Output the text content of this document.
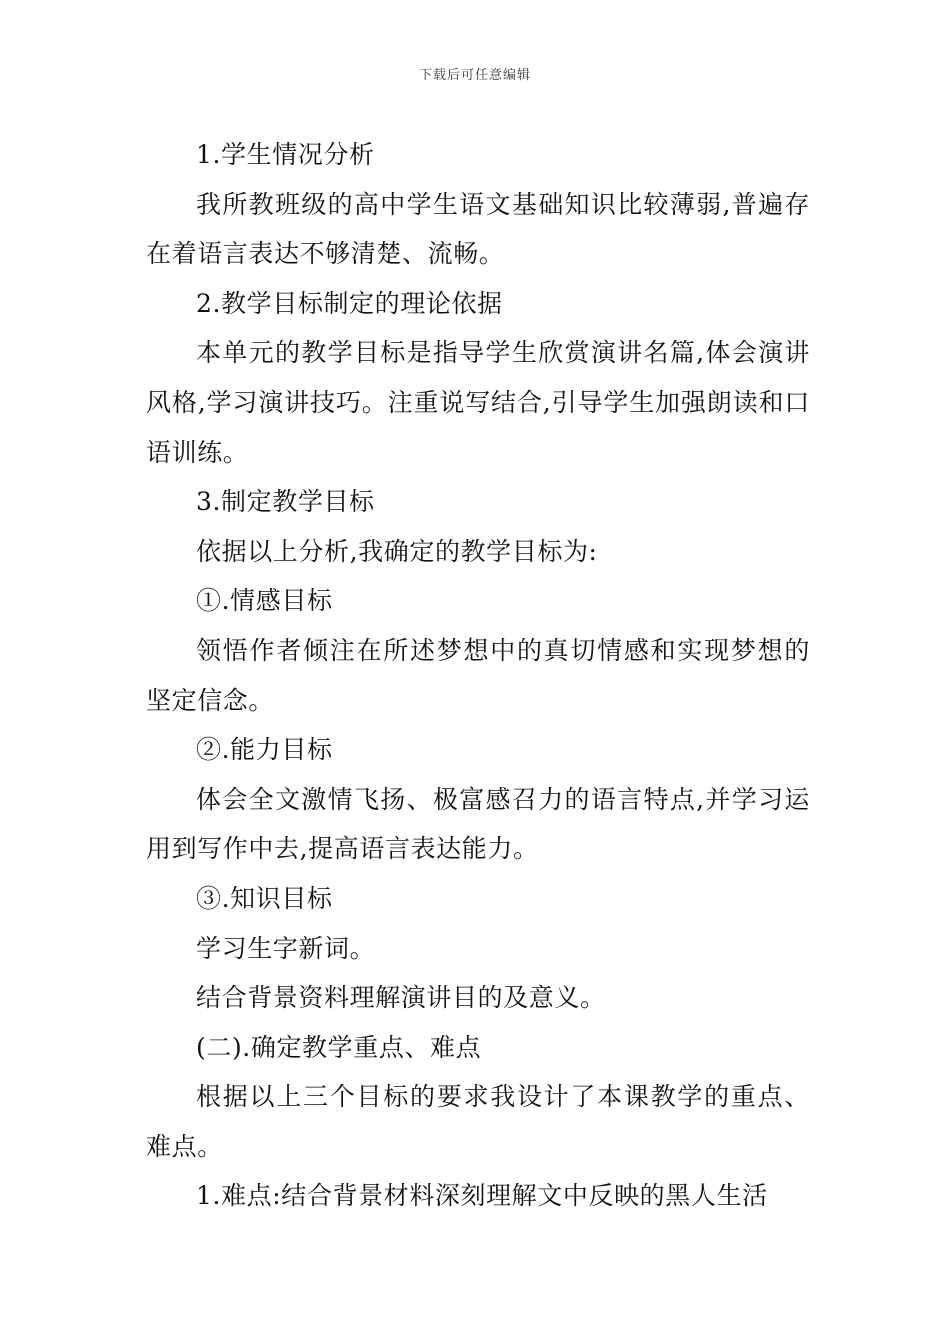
下载后可任意编辑

1.学生情况分析

我所教班级的高中学生语文基础知识比较薄弱,普遍存在着语言表达不够清楚、流畅。

2.教学目标制定的理论依据

本单元的教学目标是指导学生欣赏演讲名篇,体会演讲风格,学习演讲技巧。注重说写结合,引导学生加强朗读和口语训练。

3.制定教学目标

依据以上分析,我确定的教学目标为:

①.情感目标

领悟作者倾注在所述梦想中的真切情感和实现梦想的坚定信念。

②.能力目标

体会全文激情飞扬、极富感召力的语言特点,并学习运用到写作中去,提高语言表达能力。

③.知识目标

学习生字新词。

结合背景资料理解演讲目的及意义。

(二).确定教学重点、难点

根据以上三个目标的要求我设计了本课教学的重点、难点。

1.难点:结合背景材料深刻理解文中反映的黑人生活
